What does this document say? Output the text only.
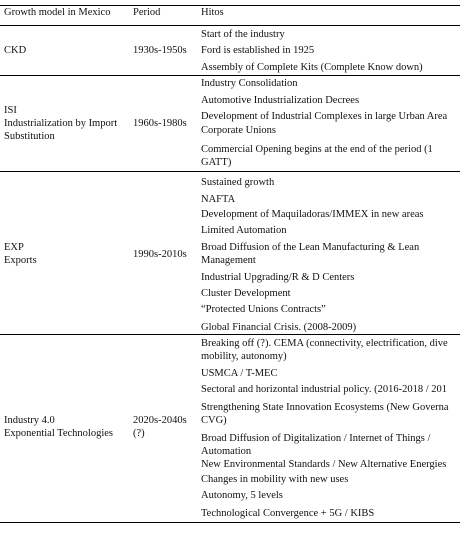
Growth model in Mexico Period	Hitos
CKD	1930s-1950s
Start of the industry
Ford is established in 1925
Assembly of Complete Kits (Complete Know down)
ISI
Industrialization by Import
Substitution
1960s-1980s
Industry Consolidation
Automotive Industrialization Decrees
Development of Industrial Complexes in large Urban Area
Corporate Unions
Commercial Opening begins at the end of the period (1
GATT)
EXP
Exports
1990s-2010s
Sustained growth
NAFTA
Development of Maquiladoras/IMMEX in new areas
Limited Automation
Broad Diffusion of the Lean Manufacturing & Lean
Management
Industrial Upgrading/R & D Centers
Cluster Development
“Protected Unions Contracts”
Global Financial Crisis. (2008-2009)
Industry 4.0
Exponential Technologies
2020s-2040s
(?)
Breaking off (?). CEMA (connectivity, electrification, dive
mobility, autonomy)
USMCA / T-MEC
Sectoral and horizontal industrial policy. (2016-2018 / 201
Strengthening State Innovation Ecosystems (New Governa
CVG)
Broad Diffusion of Digitalization / Internet of Things /
Automation
New Environmental Standards / New Alternative Energies
Changes in mobility with new uses
Autonomy, 5 levels
Technological Convergence + 5G / KIBS
